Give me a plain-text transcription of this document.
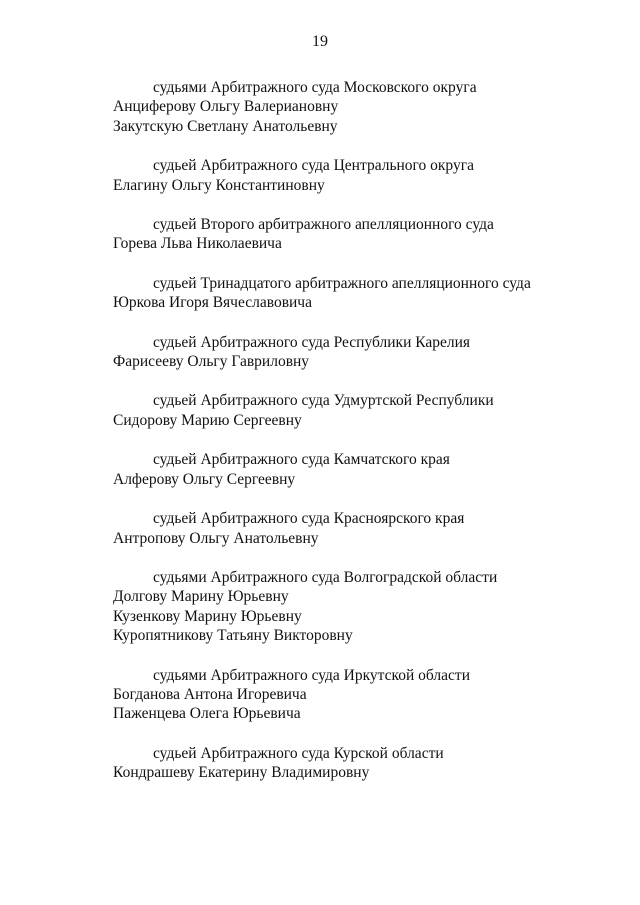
19
судьями Арбитражного суда Московского округа
Анциферову Ольгу Валериановну
Закутскую Светлану Анатольевну
судьей Арбитражного суда Центрального округа
Елагину Ольгу Константиновну
судьей Второго арбитражного апелляционного суда
Горева Льва Николаевича
судьей Тринадцатого арбитражного апелляционного суда
Юркова Игоря Вячеславовича
судьей Арбитражного суда Республики Карелия
Фарисееву Ольгу Гавриловну
судьей Арбитражного суда Удмуртской Республики
Сидорову Марию Сергеевну
судьей Арбитражного суда Камчатского края
Алферову Ольгу Сергеевну
судьей Арбитражного суда Красноярского края
Антропову Ольгу Анатольевну
судьями Арбитражного суда Волгоградской области
Долгову Марину Юрьевну
Кузенкову Марину Юрьевну
Куропятникову Татьяну Викторовну
судьями Арбитражного суда Иркутской области
Богданова Антона Игоревича
Паженцева Олега Юрьевича
судьей Арбитражного суда Курской области
Кондрашеву Екатерину Владимировну
